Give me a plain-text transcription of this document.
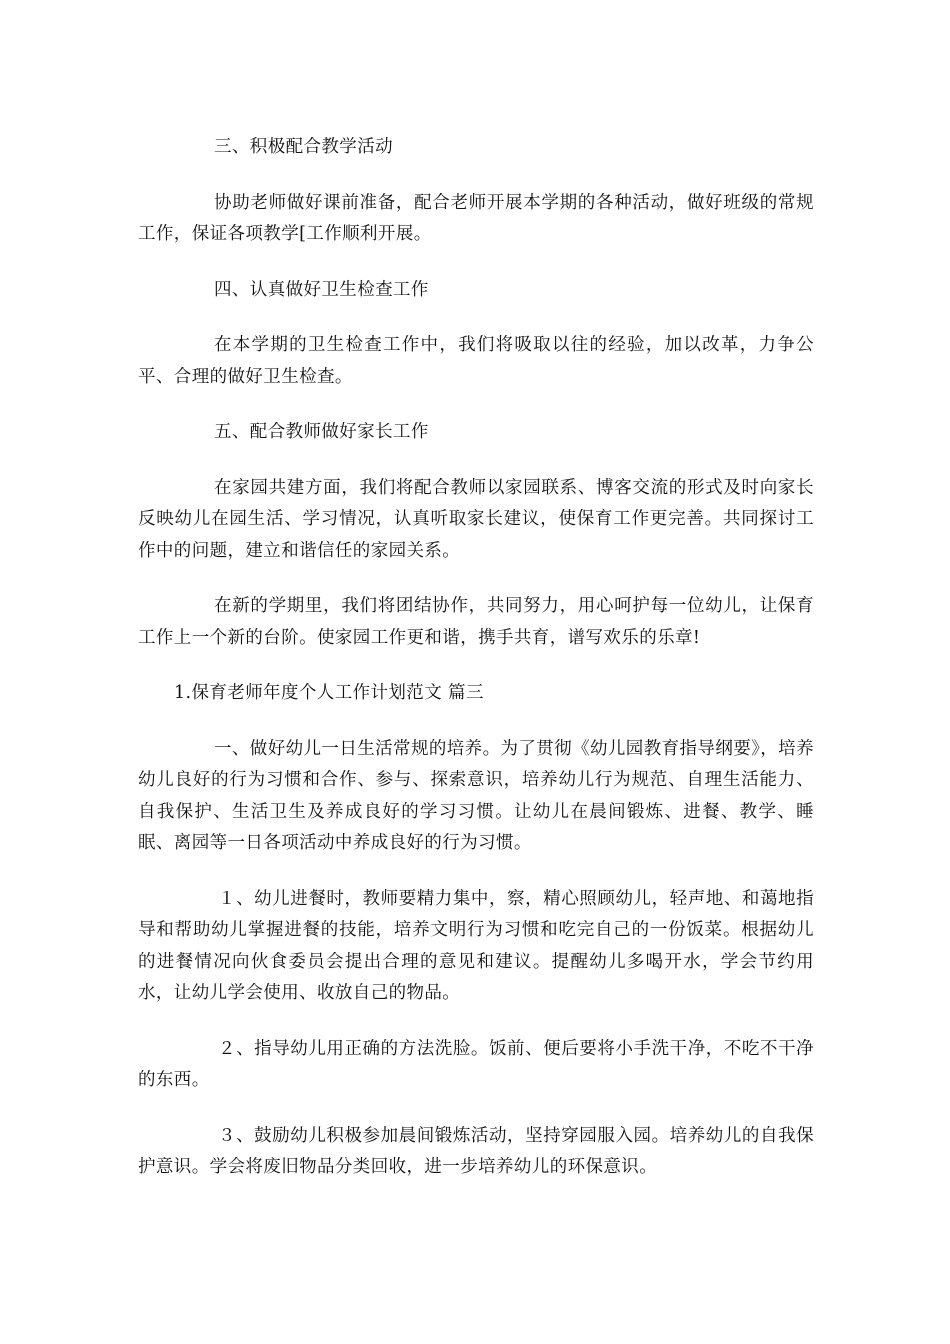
三、积极配合教学活动

协助老师做好课前准备，配合老师开展本学期的各种活动，做好班级的常规工作，保证各项教学[工作顺利开展。

四、认真做好卫生检查工作

在本学期的卫生检查工作中，我们将吸取以往的经验，加以改革，力争公平、合理的做好卫生检查。

五、配合教师做好家长工作

在家园共建方面，我们将配合教师以家园联系、博客交流的形式及时向家长反映幼儿在园生活、学习情况，认真听取家长建议，使保育工作更完善。共同探讨工作中的问题，建立和谐信任的家园关系。

在新的学期里，我们将团结协作，共同努力，用心呵护每一位幼儿，让保育工作上一个新的台阶。使家园工作更和谐，携手共育，谱写欢乐的乐章!

1.保育老师年度个人工作计划范文 篇三

一、做好幼儿一日生活常规的培养。为了贯彻《幼儿园教育指导纲要》，培养幼儿良好的行为习惯和合作、参与、探索意识，培养幼儿行为规范、自理生活能力、自我保护、生活卫生及养成良好的学习习惯。让幼儿在晨间锻炼、进餐、教学、睡眠、离园等一日各项活动中养成良好的行为习惯。

１、幼儿进餐时，教师要精力集中，察，精心照顾幼儿，轻声地、和蔼地指导和帮助幼儿掌握进餐的技能，培养文明行为习惯和吃完自己的一份饭菜。根据幼儿的进餐情况向伙食委员会提出合理的意见和建议。提醒幼儿多喝开水，学会节约用水，让幼儿学会使用、收放自己的物品。

２、指导幼儿用正确的方法洗脸。饭前、便后要将小手洗干净，不吃不干净的东西。

３、鼓励幼儿积极参加晨间锻炼活动，坚持穿园服入园。培养幼儿的自我保护意识。学会将废旧物品分类回收，进一步培养幼儿的环保意识。
